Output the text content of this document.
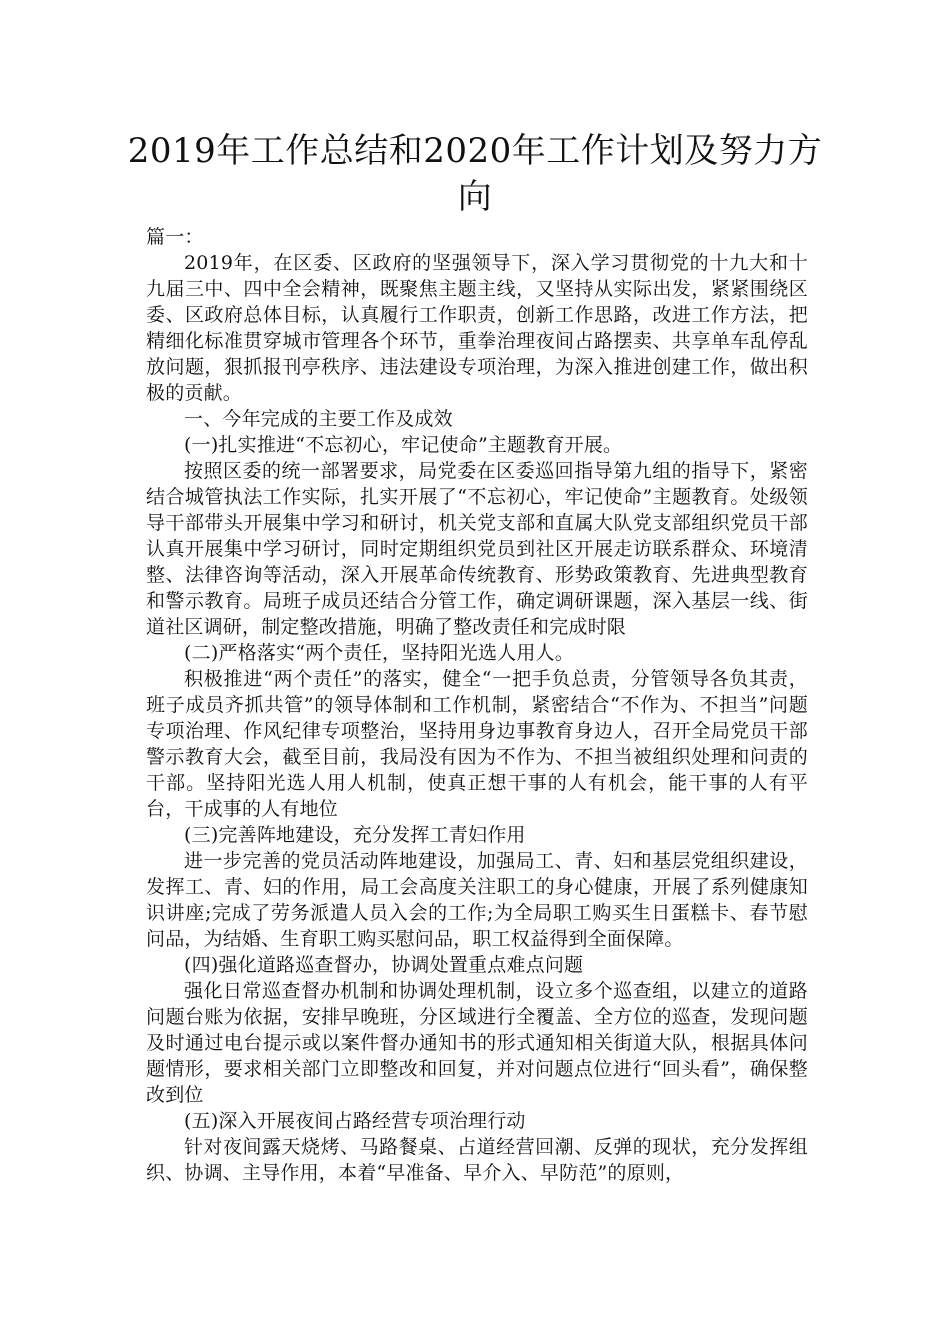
2019年工作总结和2020年工作计划及努力方向

篇一：

2019年，在区委、区政府的坚强领导下，深入学习贯彻党的十九大和十九届三中、四中全会精神，既聚焦主题主线，又坚持从实际出发，紧紧围绕区委、区政府总体目标，认真履行工作职责，创新工作思路，改进工作方法，把精细化标准贯穿城市管理各个环节，重拳治理夜间占路摆卖、共享单车乱停乱放问题，狠抓报刊亭秩序、违法建设专项治理，为深入推进创建工作，做出积极的贡献。

一、今年完成的主要工作及成效

(一)扎实推进“不忘初心，牢记使命”主题教育开展。

按照区委的统一部署要求，局党委在区委巡回指导第九组的指导下，紧密结合城管执法工作实际，扎实开展了“不忘初心，牢记使命”主题教育。处级领导干部带头开展集中学习和研讨，机关党支部和直属大队党支部组织党员干部认真开展集中学习研讨，同时定期组织党员到社区开展走访联系群众、环境清整、法律咨询等活动，深入开展革命传统教育、形势政策教育、先进典型教育和警示教育。局班子成员还结合分管工作，确定调研课题，深入基层一线、街道社区调研，制定整改措施，明确了整改责任和完成时限

(二)严格落实“两个责任，坚持阳光选人用人。

积极推进“两个责任”的落实，健全“一把手负总责，分管领导各负其责，班子成员齐抓共管”的领导体制和工作机制，紧密结合“不作为、不担当”问题专项治理、作风纪律专项整治，坚持用身边事教育身边人，召开全局党员干部警示教育大会，截至目前，我局没有因为不作为、不担当被组织处理和问责的干部。坚持阳光选人用人机制，使真正想干事的人有机会，能干事的人有平台，干成事的人有地位

(三)完善阵地建设，充分发挥工青妇作用

进一步完善的党员活动阵地建设，加强局工、青、妇和基层党组织建设，发挥工、青、妇的作用，局工会高度关注职工的身心健康，开展了系列健康知识讲座;完成了劳务派遣人员入会的工作;为全局职工购买生日蛋糕卡、春节慰问品，为结婚、生育职工购买慰问品，职工权益得到全面保障。

(四)强化道路巡查督办，协调处置重点难点问题

强化日常巡查督办机制和协调处理机制，设立多个巡查组，以建立的道路问题台账为依据，安排早晚班，分区域进行全覆盖、全方位的巡查，发现问题及时通过电台提示或以案件督办通知书的形式通知相关街道大队，根据具体问题情形，要求相关部门立即整改和回复，并对问题点位进行“回头看”，确保整改到位

(五)深入开展夜间占路经营专项治理行动

针对夜间露天烧烤、马路餐桌、占道经营回潮、反弹的现状，充分发挥组织、协调、主导作用，本着“早准备、早介入、早防范”的原则，
